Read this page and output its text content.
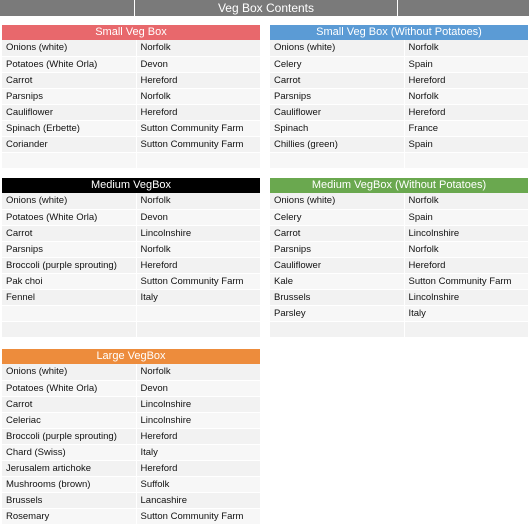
Veg Box Contents
Small Veg Box
Onions (white)	Norfolk
Potatoes (White Orla)	Devon
Carrot	Hereford
Parsnips	Norfolk
Cauliflower	Hereford
Spinach (Erbette)	Sutton Community Farm
Coriander	Sutton Community Farm

Small Veg Box (Without Potatoes)
Onions (white)	Norfolk
Celery	Spain
Carrot	Hereford
Parsnips	Norfolk
Cauliflower	Hereford
Spinach	France
Chillies (green)	Spain

Medium VegBox
Onions (white)	Norfolk
Potatoes (White Orla)	Devon
Carrot	Lincolnshire
Parsnips	Norfolk
Broccoli (purple sprouting)	Hereford
Pak choi	Sutton Community Farm
Fennel	Italy

Medium VegBox (Without Potatoes)
Onions (white)	Norfolk
Celery	Spain
Carrot	Lincolnshire
Parsnips	Norfolk
Cauliflower	Hereford
Kale	Sutton Community Farm
Brussels	Lincolnshire
Parsley	Italy

Large VegBox
Onions (white)	Norfolk
Potatoes (White Orla)	Devon
Carrot	Lincolnshire
Celeriac	Lincolnshire
Broccoli (purple sprouting)	Hereford
Chard (Swiss)	Italy
Jerusalem artichoke	Hereford
Mushrooms (brown)	Suffolk
Brussels	Lancashire
Rosemary	Sutton Community Farm
